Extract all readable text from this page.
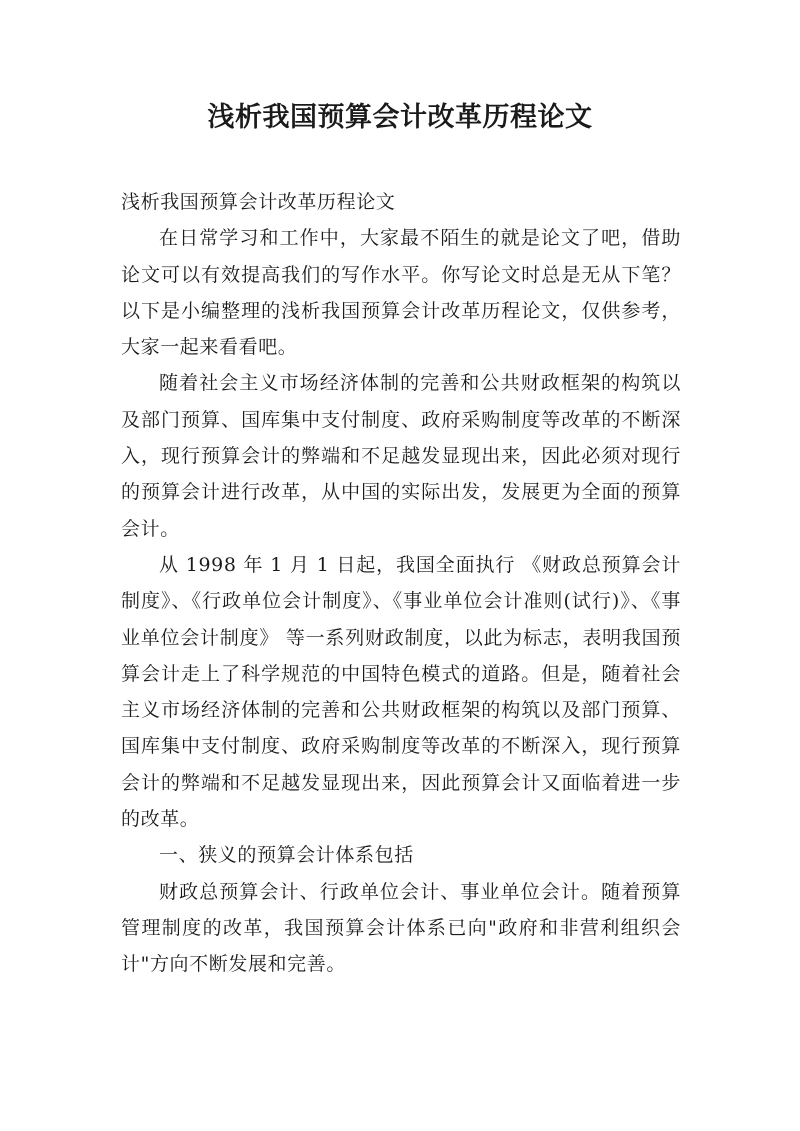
浅析我国预算会计改革历程论文

浅析我国预算会计改革历程论文

在日常学习和工作中，大家最不陌生的就是论文了吧，借助论文可以有效提高我们的写作水平。你写论文时总是无从下笔？以下是小编整理的浅析我国预算会计改革历程论文，仅供参考，大家一起来看看吧。

随着社会主义市场经济体制的完善和公共财政框架的构筑以及部门预算、国库集中支付制度、政府采购制度等改革的不断深入，现行预算会计的弊端和不足越发显现出来，因此必须对现行的预算会计进行改革，从中国的实际出发，发展更为全面的预算会计。

从 1998 年 1 月 1 日起，我国全面执行 《财政总预算会计制度》、《行政单位会计制度》、《事业单位会计准则(试行)》、《事业单位会计制度》 等一系列财政制度，以此为标志，表明我国预算会计走上了科学规范的中国特色模式的道路。但是，随着社会主义市场经济体制的完善和公共财政框架的构筑以及部门预算、国库集中支付制度、政府采购制度等改革的不断深入，现行预算会计的弊端和不足越发显现出来，因此预算会计又面临着进一步的改革。

一、狭义的预算会计体系包括

财政总预算会计、行政单位会计、事业单位会计。随着预算管理制度的改革，我国预算会计体系已向"政府和非营利组织会计"方向不断发展和完善。
